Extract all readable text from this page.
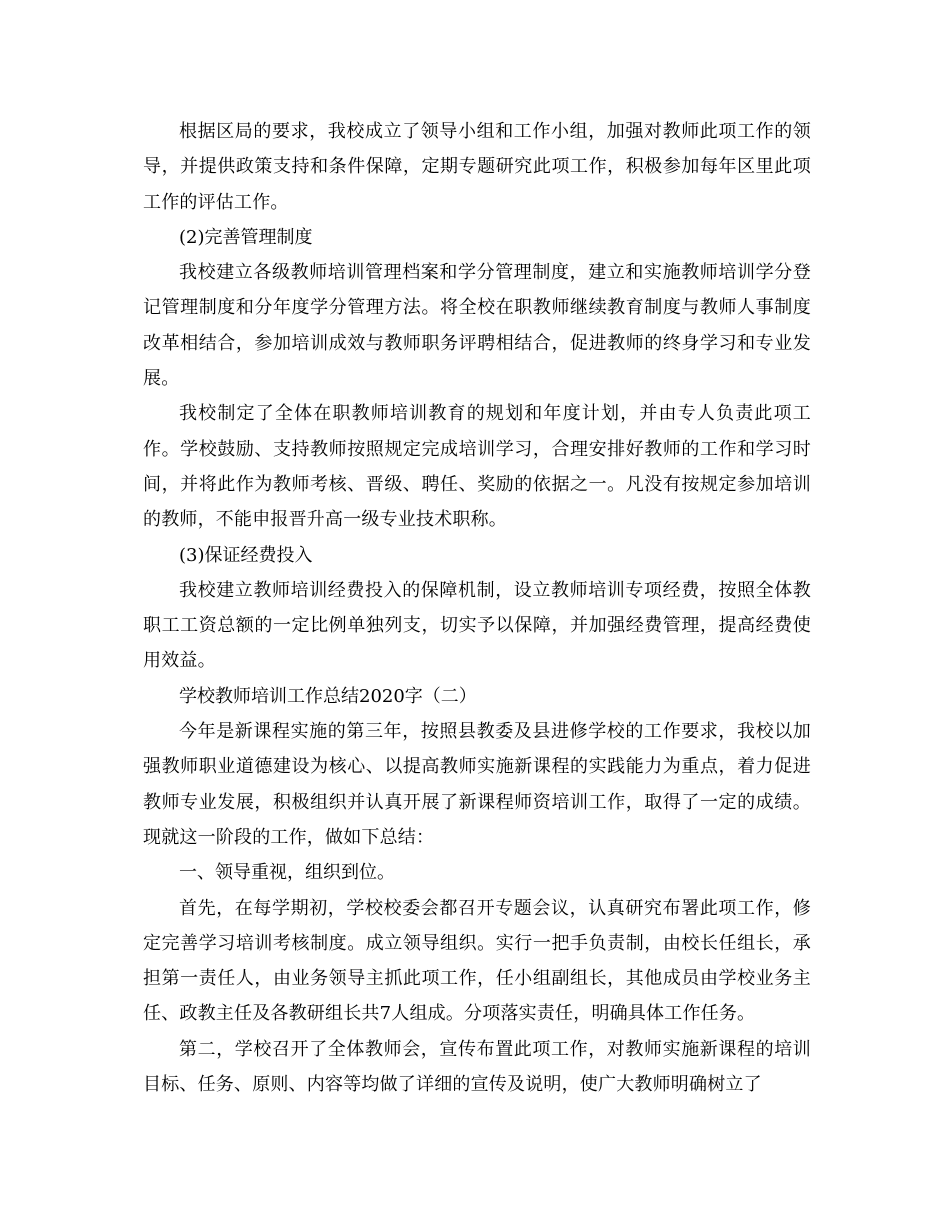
根据区局的要求，我校成立了领导小组和工作小组，加强对教师此项工作的领导，并提供政策支持和条件保障，定期专题研究此项工作，积极参加每年区里此项工作的评估工作。

(2)完善管理制度

我校建立各级教师培训管理档案和学分管理制度，建立和实施教师培训学分登记管理制度和分年度学分管理方法。将全校在职教师继续教育制度与教师人事制度改革相结合，参加培训成效与教师职务评聘相结合，促进教师的终身学习和专业发展。

我校制定了全体在职教师培训教育的规划和年度计划，并由专人负责此项工作。学校鼓励、支持教师按照规定完成培训学习，合理安排好教师的工作和学习时间，并将此作为教师考核、晋级、聘任、奖励的依据之一。凡没有按规定参加培训的教师，不能申报晋升高一级专业技术职称。

(3)保证经费投入

我校建立教师培训经费投入的保障机制，设立教师培训专项经费，按照全体教职工工资总额的一定比例单独列支，切实予以保障，并加强经费管理，提高经费使用效益。

学校教师培训工作总结2020字（二）

今年是新课程实施的第三年，按照县教委及县进修学校的工作要求，我校以加强教师职业道德建设为核心、以提高教师实施新课程的实践能力为重点，着力促进教师专业发展，积极组织并认真开展了新课程师资培训工作，取得了一定的成绩。现就这一阶段的工作，做如下总结：

一、领导重视，组织到位。

首先，在每学期初，学校校委会都召开专题会议，认真研究布署此项工作，修定完善学习培训考核制度。成立领导组织。实行一把手负责制，由校长任组长，承担第一责任人，由业务领导主抓此项工作，任小组副组长，其他成员由学校业务主任、政教主任及各教研组长共7人组成。分项落实责任，明确具体工作任务。

第二，学校召开了全体教师会，宣传布置此项工作，对教师实施新课程的培训目标、任务、原则、内容等均做了详细的宣传及说明，使广大教师明确树立了
